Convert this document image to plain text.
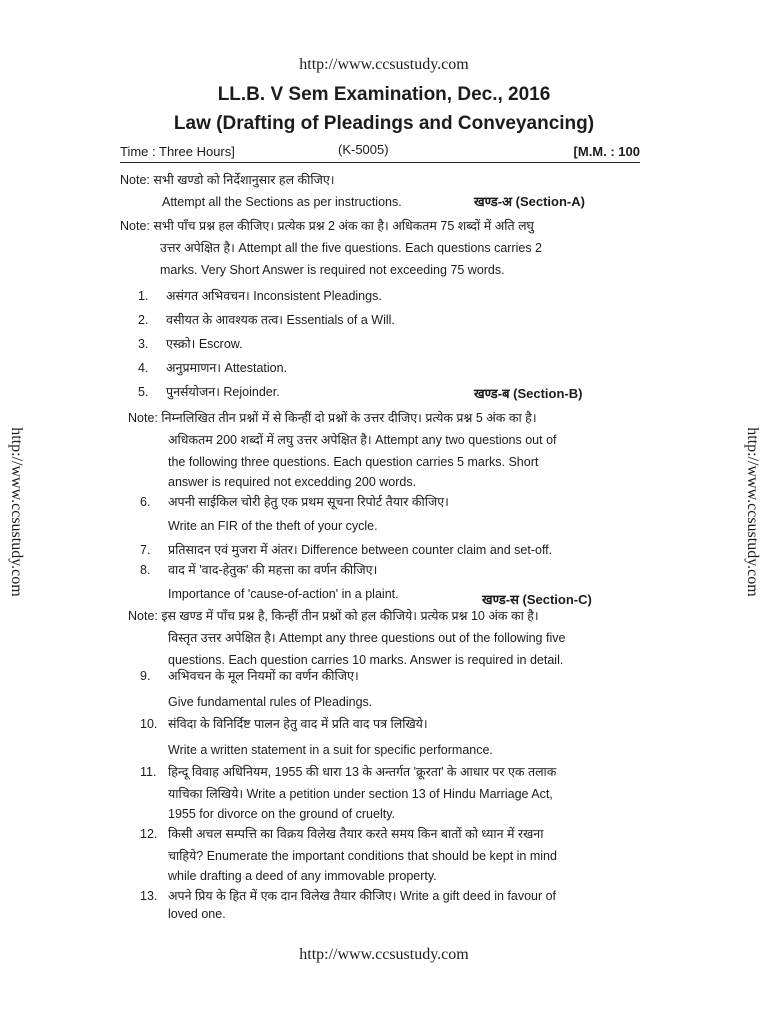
http://www.ccsustudy.com
LL.B. V Sem Examination, Dec., 2016
Law (Drafting of Pleadings and Conveyancing)
Time : Three Hours]	(K-5005)	[M.M. : 100
http://www.ccsustudy.com	http://www.ccsustudy.com
Note: सभी खण्डो को निर्देशानुसार हल कीजिए।
Attempt all the Sections as per instructions.	खण्ड-अ (Section-A)
Note: सभी पाँच प्रश्न हल कीजिए। प्रत्येक प्रश्न 2 अंक का है। अधिकतम 75 शब्दों में अति लघु
उत्तर अपेक्षित है। Attempt all the five questions. Each questions carries 2
marks. Very Short Answer is required not exceeding 75 words.
1. असंगत अभिवचन। Inconsistent Pleadings.
2. वसीयत के आवश्यक तत्व। Essentials of a Will.
3. एस्क्रो। Escrow.
4. अनुप्रमाणन। Attestation.
5. पुनर्सयोजन। Rejoinder.	खण्ड-ब (Section-B)
Note: निम्नलिखित तीन प्रश्नों में से किन्हीं दो प्रश्नों के उत्तर दीजिए। प्रत्येक प्रश्न 5 अंक का है।
अधिकतम 200 शब्दों में लघु उत्तर अपेक्षित है। Attempt any two questions out of
the following three questions. Each question carries 5 marks. Short
answer is required not excedding 200 words.
6. अपनी साईकिल चोरी हेतु एक प्रथम सूचना रिपोर्ट तैयार कीजिए।
Write an FIR of the theft of your cycle.
7. प्रतिसादन एवं मुजरा में अंतर। Difference between counter claim and set-off.
8. वाद में 'वाद-हेतुक' की महत्ता का वर्णन कीजिए।
Importance of 'cause-of-action' in a plaint.	खण्ड-स (Section-C)
Note: इस खण्ड में पाँच प्रश्न है, किन्हीं तीन प्रश्नों को हल कीजिये। प्रत्येक प्रश्न 10 अंक का है।
विस्तृत उत्तर अपेक्षित है। Attempt any three questions out of the following five
questions. Each question carries 10 marks. Answer is required in detail.
9. अभिवचन के मूल नियमों का वर्णन कीजिए।
Give fundamental rules of Pleadings.
10. संविदा के विनिर्दिष्ट पालन हेतु वाद में प्रति वाद पत्र लिखिये।
Write a written statement in a suit for specific performance.
11. हिन्दू विवाह अधिनियम, 1955 की धारा 13 के अन्तर्गत 'क्रूरता' के आधार पर एक तलाक
याचिका लिखिये। Write a petition under section 13 of Hindu Marriage Act,
1955 for divorce on the ground of cruelty.
12. किसी अचल सम्पत्ति का विक्रय विलेख तैयार करते समय किन बातों को ध्यान में रखना
चाहिये? Enumerate the important conditions that should be kept in mind
while drafting a deed of any immovable property.
13. अपने प्रिय के हित में एक दान विलेख तैयार कीजिए। Write a gift deed in favour of
loved one.
http://www.ccsustudy.com
